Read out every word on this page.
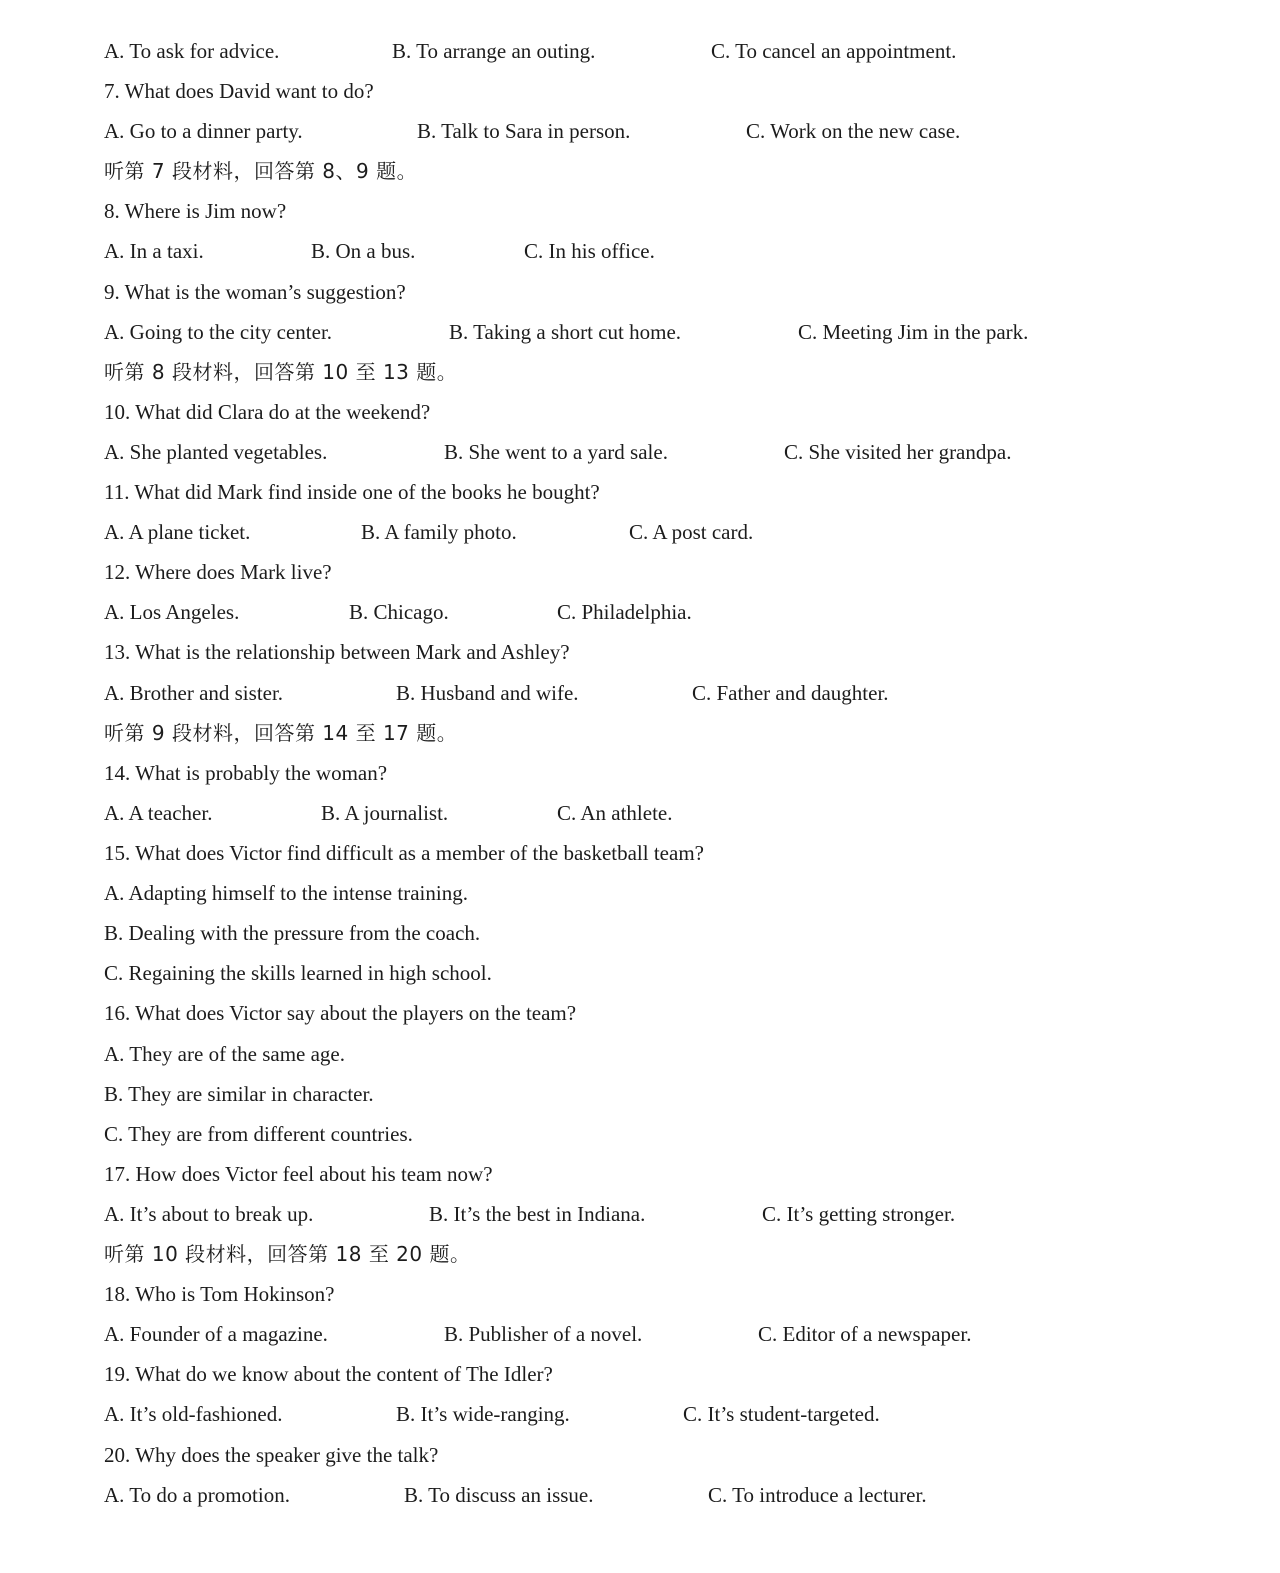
A. To ask for advice.	B. To arrange an outing.	C. To cancel an appointment.
7. What does David want to do?
A. Go to a dinner party.	B. Talk to Sara in person.	C. Work on the new case.
听第 7 段材料，回答第 8、9 题。
8. Where is Jim now?
A. In a taxi.	B. On a bus.	C. In his office.
9. What is the woman’s suggestion?
A. Going to the city center.	B. Taking a short cut home.	C. Meeting Jim in the park.
听第 8 段材料，回答第 10 至 13 题。
10. What did Clara do at the weekend?
A. She planted vegetables.	B. She went to a yard sale.	C. She visited her grandpa.
11. What did Mark find inside one of the books he bought?
A. A plane ticket.	B. A family photo.	C. A post card.
12. Where does Mark live?
A. Los Angeles.	B. Chicago.	C. Philadelphia.
13. What is the relationship between Mark and Ashley?
A. Brother and sister.	B. Husband and wife.	C. Father and daughter.
听第 9 段材料，回答第 14 至 17 题。
14. What is probably the woman?
A. A teacher.	B. A journalist.	C. An athlete.
15. What does Victor find difficult as a member of the basketball team?
A. Adapting himself to the intense training.
B. Dealing with the pressure from the coach.
C. Regaining the skills learned in high school.
16. What does Victor say about the players on the team?
A. They are of the same age.
B. They are similar in character.
C. They are from different countries.
17. How does Victor feel about his team now?
A. It’s about to break up.	B. It’s the best in Indiana.	C. It’s getting stronger.
听第 10 段材料，回答第 18 至 20 题。
18. Who is Tom Hokinson?
A. Founder of a magazine.	B. Publisher of a novel.	C. Editor of a newspaper.
19. What do we know about the content of The Idler?
A. It’s old-fashioned.	B. It’s wide-ranging.	C. It’s student-targeted.
20. Why does the speaker give the talk?
A. To do a promotion.	B. To discuss an issue.	C. To introduce a lecturer.
